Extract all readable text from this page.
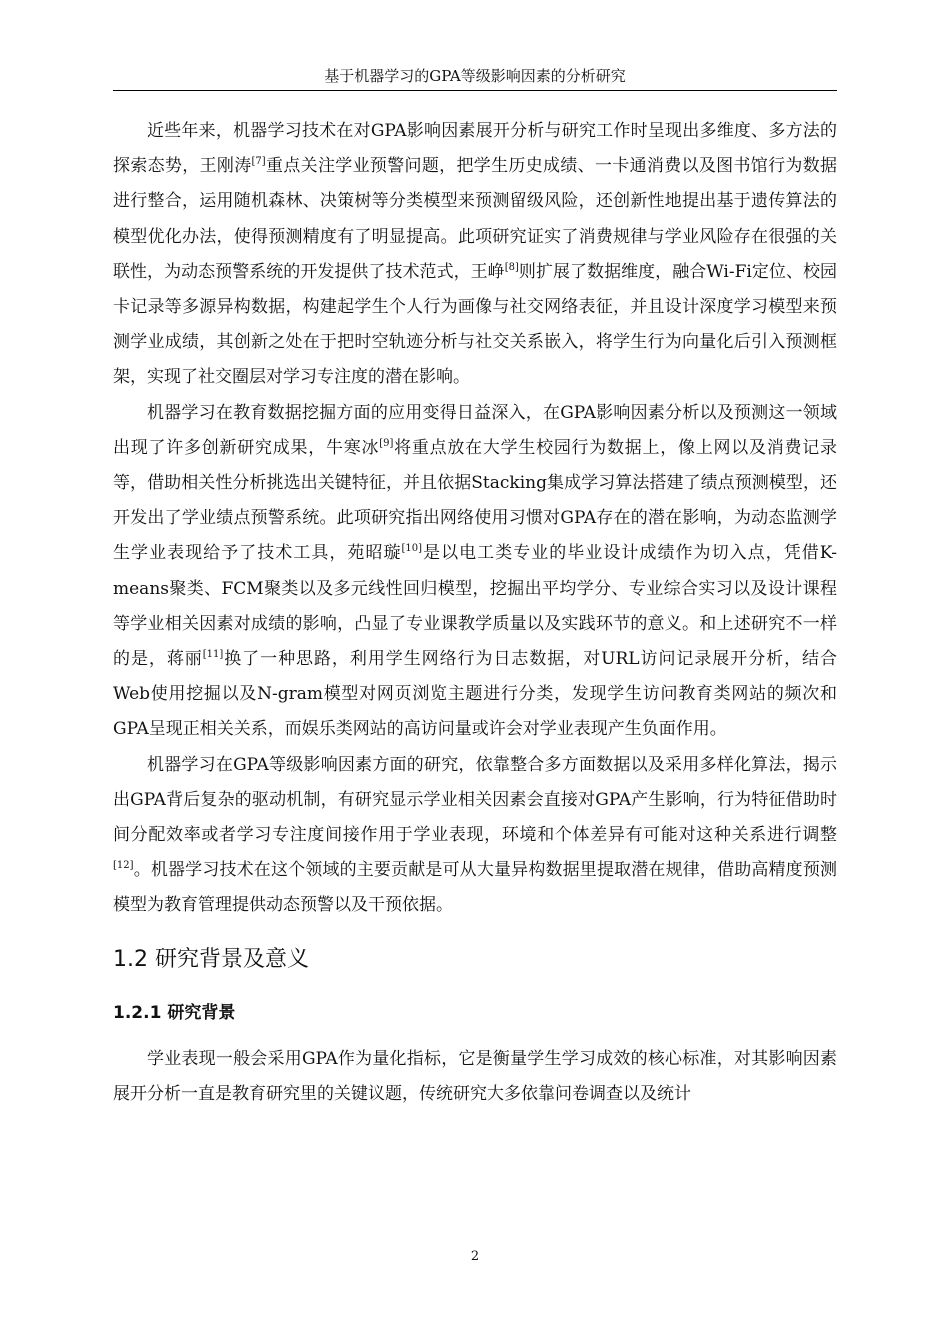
基于机器学习的GPA等级影响因素的分析研究

近些年来，机器学习技术在对GPA影响因素展开分析与研究工作时呈现出多维度、多方法的探索态势，王刚涛[7]重点关注学业预警问题，把学生历史成绩、一卡通消费以及图书馆行为数据进行整合，运用随机森林、决策树等分类模型来预测留级风险，还创新性地提出基于遗传算法的模型优化办法，使得预测精度有了明显提高。此项研究证实了消费规律与学业风险存在很强的关联性，为动态预警系统的开发提供了技术范式，王峥[8]则扩展了数据维度，融合Wi-Fi定位、校园卡记录等多源异构数据，构建起学生个人行为画像与社交网络表征，并且设计深度学习模型来预测学业成绩，其创新之处在于把时空轨迹分析与社交关系嵌入，将学生行为向量化后引入预测框架，实现了社交圈层对学习专注度的潜在影响。

机器学习在教育数据挖掘方面的应用变得日益深入，在GPA影响因素分析以及预测这一领域出现了许多创新研究成果，牛寒冰[9]将重点放在大学生校园行为数据上，像上网以及消费记录等，借助相关性分析挑选出关键特征，并且依据Stacking集成学习算法搭建了绩点预测模型，还开发出了学业绩点预警系统。此项研究指出网络使用习惯对GPA存在的潜在影响，为动态监测学生学业表现给予了技术工具，苑昭璇[10]是以电工类专业的毕业设计成绩作为切入点，凭借K-means聚类、FCM聚类以及多元线性回归模型，挖掘出平均学分、专业综合实习以及设计课程等学业相关因素对成绩的影响，凸显了专业课教学质量以及实践环节的意义。和上述研究不一样的是，蒋丽[11]换了一种思路，利用学生网络行为日志数据，对URL访问记录展开分析，结合Web使用挖掘以及N-gram模型对网页浏览主题进行分类，发现学生访问教育类网站的频次和GPA呈现正相关关系，而娱乐类网站的高访问量或许会对学业表现产生负面作用。

机器学习在GPA等级影响因素方面的研究，依靠整合多方面数据以及采用多样化算法，揭示出GPA背后复杂的驱动机制，有研究显示学业相关因素会直接对GPA产生影响，行为特征借助时间分配效率或者学习专注度间接作用于学业表现，环境和个体差异有可能对这种关系进行调整[12]。机器学习技术在这个领域的主要贡献是可从大量异构数据里提取潜在规律，借助高精度预测模型为教育管理提供动态预警以及干预依据。

1.2 研究背景及意义
1.2.1 研究背景

学业表现一般会采用GPA作为量化指标，它是衡量学生学习成效的核心标准，对其影响因素展开分析一直是教育研究里的关键议题，传统研究大多依靠问卷调查以及统计

2
